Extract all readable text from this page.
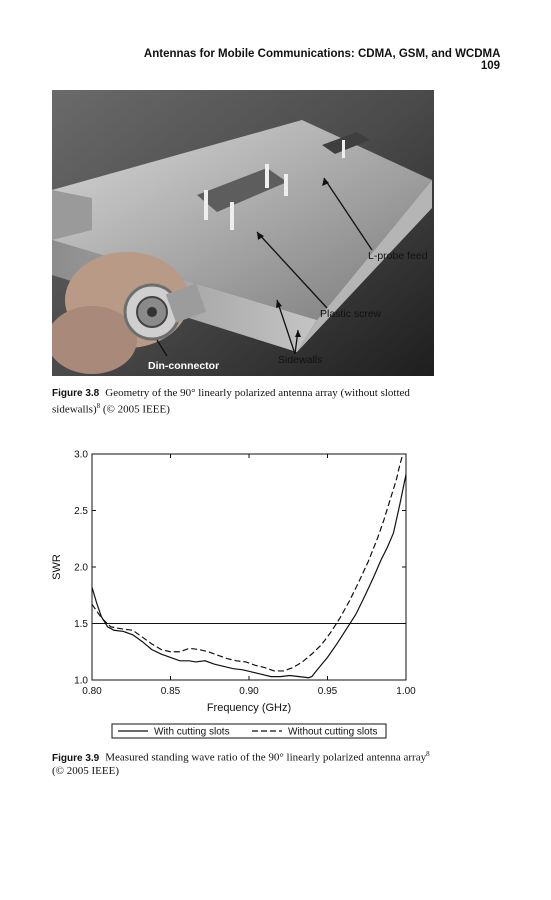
Antennas for Mobile Communications: CDMA, GSM, and WCDMA 109
L-probe feed
Plastic screw
Sidewalls
Din-connector
Figure 3.8 Geometry of the 90° linearly polarized antenna array (without slotted sidewalls)$^8$ (© 2005 IEEE)
0.80	0.85	0.90	0.95	1.00
1.0
1.5
2.0
2.5
3.0
Frequency (GHz)
SWR
With cutting slots	Without cutting slots
Figure 3.9 Measured standing wave ratio of the 90° linearly polarized antenna array$^8$ (© 2005 IEEE)
